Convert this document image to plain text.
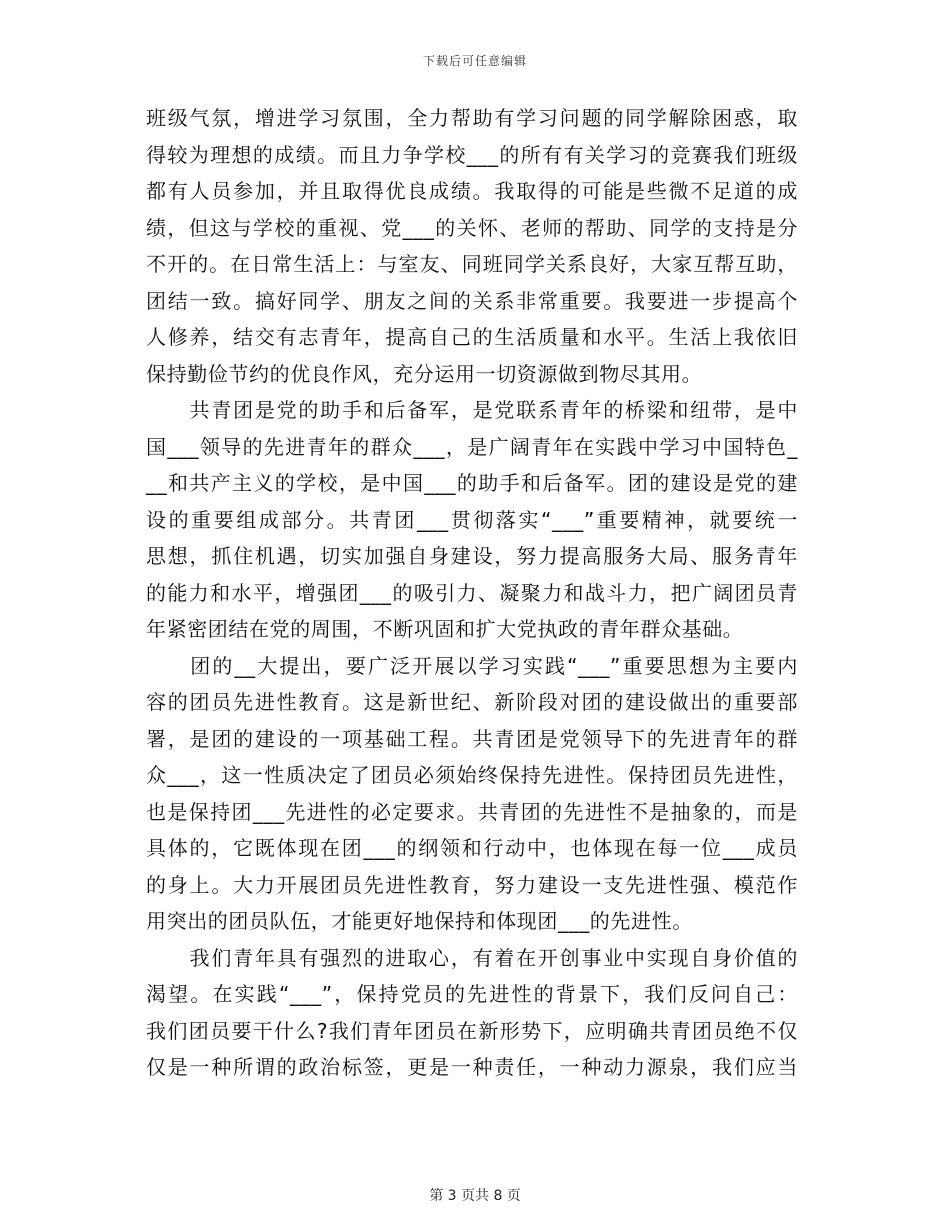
下载后可任意编辑
班级气氛，增进学习氛围，全力帮助有学习问题的同学解除困惑，取
得较为理想的成绩。而且力争学校___的所有有关学习的竞赛我们班级
都有人员参加，并且取得优良成绩。我取得的可能是些微不足道的成
绩，但这与学校的重视、党___的关怀、老师的帮助、同学的支持是分
不开的。在日常生活上：与室友、同班同学关系良好，大家互帮互助，
团结一致。搞好同学、朋友之间的关系非常重要。我要进一步提高个
人修养，结交有志青年，提高自己的生活质量和水平。生活上我依旧
保持勤俭节约的优良作风，充分运用一切资源做到物尽其用。
　　共青团是党的助手和后备军，是党联系青年的桥梁和纽带，是中
国___领导的先进青年的群众___，是广阔青年在实践中学习中国特色_
__和共产主义的学校，是中国___的助手和后备军。团的建设是党的建
设的重要组成部分。共青团___贯彻落实“___”重要精神，就要统一
思想，抓住机遇，切实加强自身建设，努力提高服务大局、服务青年
的能力和水平，增强团___的吸引力、凝聚力和战斗力，把广阔团员青
年紧密团结在党的周围，不断巩固和扩大党执政的青年群众基础。
　　团的__大提出，要广泛开展以学习实践“___”重要思想为主要内
容的团员先进性教育。这是新世纪、新阶段对团的建设做出的重要部
署，是团的建设的一项基础工程。共青团是党领导下的先进青年的群
众___，这一性质决定了团员必须始终保持先进性。保持团员先进性，
也是保持团___先进性的必定要求。共青团的先进性不是抽象的，而是
具体的，它既体现在团___的纲领和行动中，也体现在每一位___成员
的身上。大力开展团员先进性教育，努力建设一支先进性强、模范作
用突出的团员队伍，才能更好地保持和体现团___的先进性。
　　我们青年具有强烈的进取心，有着在开创事业中实现自身价值的
渴望。在实践“___”，保持党员的先进性的背景下，我们反问自己：
我们团员要干什么?我们青年团员在新形势下，应明确共青团员绝不仅
仅是一种所谓的政治标签，更是一种责任，一种动力源泉，我们应当
第 3 页共 8 页
